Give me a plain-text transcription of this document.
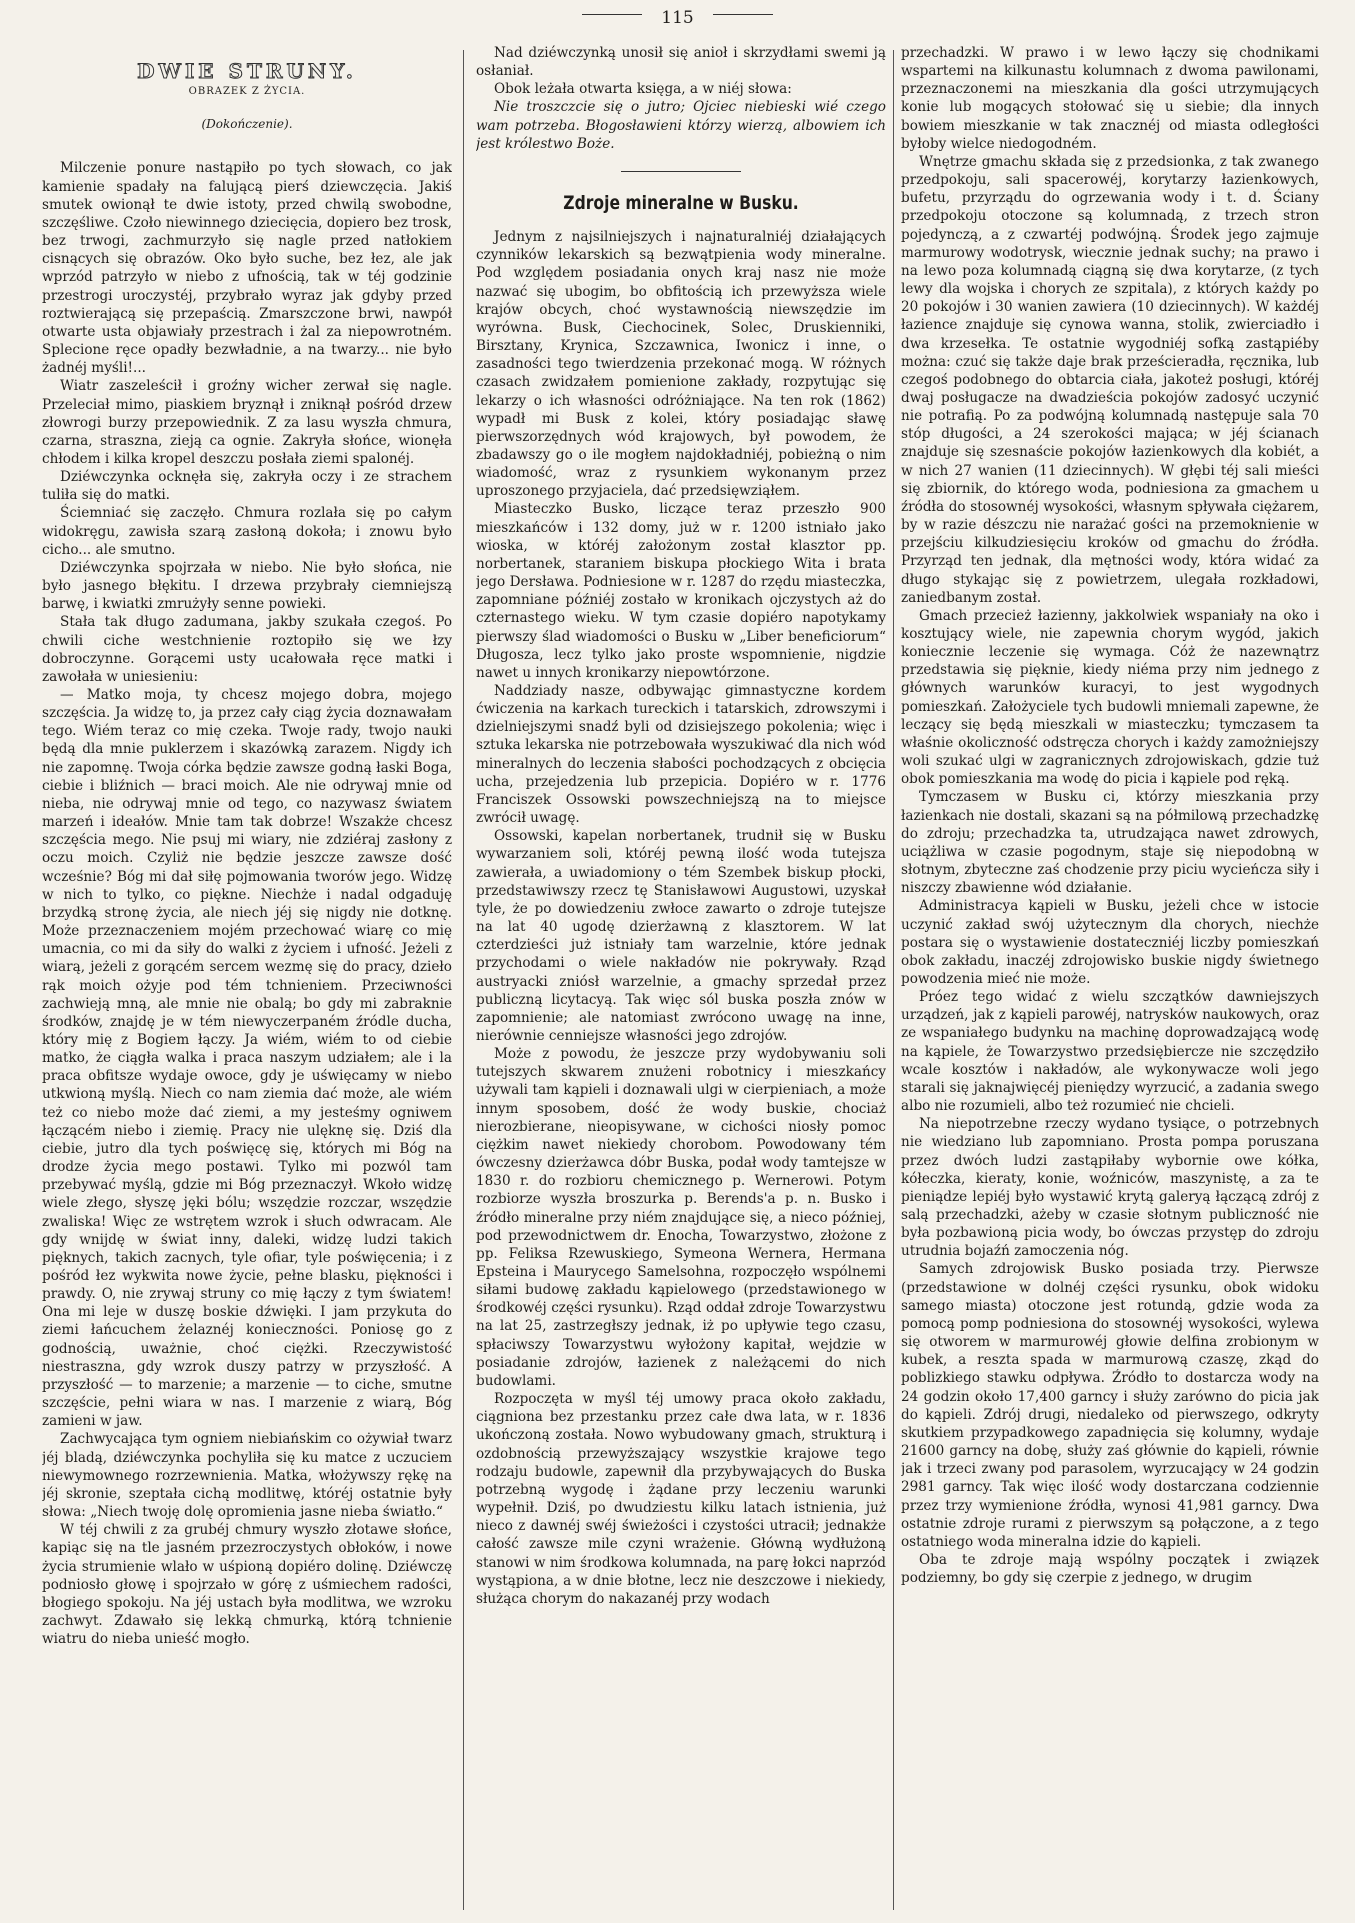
115
DWIE STRUNY.
OBRAZEK Z ŻYCIA.
(Dokończenie).

Milczenie ponure nastąpiło po tych słowach, co jak kamienie spadały na falującą pierś dziewczęcia. Jakiś smutek owionął te dwie istoty, przed chwilą swobodne, szczęśliwe. Czoło niewinnego dziecięcia, dopiero bez trosk, bez trwogi, zachmurzyło się nagle przed natłokiem cisnących się obrazów. Oko było suche, bez łez, ale jak wprzód patrzyło w niebo z ufnością, tak w téj godzinie przestrogi uroczystéj, przybrało wyraz jak gdyby przed roztwierającą się przepaścią. Zmarszczone brwi, nawpół otwarte usta objawiały przestrach i żal za niepowrotném. Splecione ręce opadły bezwładnie, a na twarzy... nie było żadnéj myśli!...

Wiatr zaszeleścił i groźny wicher zerwał się nagle. Przeleciał mimo, piaskiem bryznął i zniknął pośród drzew złowrogi burzy przepowiednik. Z za lasu wyszła chmura, czarna, straszna, zieją ca ognie. Zakryła słońce, wionęła chłodem i kilka kropel deszczu posłała ziemi spalonéj.

Dziéwczynka ocknęła się, zakryła oczy i ze strachem tuliła się do matki.

Ściemniać się zaczęło. Chmura rozlała się po całym widokręgu, zawisła szarą zasłoną dokoła; i znowu było cicho... ale smutno.

Dziéwczynka spojrzała w niebo. Nie było słońca, nie było jasnego błękitu. I drzewa przybrały ciemniejszą barwę, i kwiatki zmrużyły senne powieki.

Stała tak długo zadumana, jakby szukała czegoś. Po chwili ciche westchnienie roztopiło się we łzy dobroczynne. Gorącemi usty ucałowała ręce matki i zawołała w uniesieniu:

— Matko moja, ty chcesz mojego dobra, mojego szczęścia. Ja widzę to, ja przez cały ciąg życia doznawałam tego. Wiém teraz co mię czeka. Twoje rady, twojo nauki będą dla mnie puklerzem i skazówką zarazem. Nigdy ich nie zapomnę. Twoja córka będzie zawsze godną łaski Boga, ciebie i bliźnich — braci moich. Ale nie odrywaj mnie od nieba, nie odrywaj mnie od tego, co nazywasz światem marzeń i ideałów. Mnie tam tak dobrze! Wszakże chcesz szczęścia mego. Nie psuj mi wiary, nie zdziéraj zasłony z oczu moich. Czyliż nie będzie jeszcze zawsze dość wcześnie? Bóg mi dał siłę pojmowania tworów jego. Widzę w nich to tylko, co piękne. Niechże i nadal odgaduję brzydką stronę życia, ale niech jéj się nigdy nie dotknę. Może przeznaczeniem mojém przechować wiarę co mię umacnia, co mi da siły do walki z życiem i ufność. Jeżeli z wiarą, jeżeli z gorącém sercem wezmę się do pracy, dzieło rąk moich ożyje pod tém tchnieniem. Przeciwności zachwieją mną, ale mnie nie obalą; bo gdy mi zabraknie środków, znajdę je w tém niewyczerpaném źródle ducha, który mię z Bogiem łączy. Ja wiém, wiém to od ciebie matko, że ciągła walka i praca naszym udziałem; ale i la praca obfitsze wydaje owoce, gdy je uświęcamy w niebo utkwioną myślą. Niech co nam ziemia dać może, ale wiém też co niebo może dać ziemi, a my jesteśmy ogniwem łączącém niebo i ziemię. Pracy nie ulęknę się. Dziś dla ciebie, jutro dla tych poświęcę się, których mi Bóg na drodze życia mego postawi. Tylko mi pozwól tam przebywać myślą, gdzie mi Bóg przeznaczył. Wkoło widzę wiele złego, słyszę jęki bólu; wszędzie rozczar, wszędzie zwaliska! Więc ze wstrętem wzrok i słuch odwracam. Ale gdy wnijdę w świat inny, daleki, widzę ludzi takich pięknych, takich zacnych, tyle ofiar, tyle poświęcenia; i z pośród łez wykwita nowe życie, pełne blasku, piękności i prawdy. O, nie zrywaj struny co mię łączy z tym światem! Ona mi leje w duszę boskie dźwięki. I jam przykuta do ziemi łańcuchem żelaznéj konieczności. Poniosę go z godnością, uważnie, choć ciężki. Rzeczywistość niestraszna, gdy wzrok duszy patrzy w przyszłość. A przyszłość — to marzenie; a marzenie — to ciche, smutne szczęście, pełni wiara w nas. I marzenie z wiarą, Bóg zamieni w jaw.

Zachwycająca tym ogniem niebiańskim co ożywiał twarz jéj bladą, dziéwczynka pochyliła się ku matce z uczuciem niewymownego rozrzewnienia. Matka, włożywszy rękę na jéj skronie, szeptała cichą modlitwę, któréj ostatnie były słowa: „Niech twoję dolę opromienia jasne nieba światło.“

W téj chwili z za grubéj chmury wyszło złotawe słońce, kapiąc się na tle jasném przezroczystych obłoków, i nowe życia strumienie wlało w uśpioną dopiéro dolinę. Dziéwczę podniosło głowę i spojrzało w górę z uśmiechem radości, błogiego spokoju. Na jéj ustach była modlitwa, we wzroku zachwyt. Zdawało się lekką chmurką, którą tchnienie wiatru do nieba unieść mogło.

Nad dziéwczynką unosił się anioł i skrzydłami swemi ją osłaniał.

Obok leżała otwarta księga, a w niéj słowa:

Nie troszczcie się o jutro; Ojciec niebieski wié czego wam potrzeba. Błogosławieni którzy wierzą, albowiem ich jest królestwo Boże.

Zdroje mineralne w Busku.

Jednym z najsilniejszych i najnaturalniéj działających czynników lekarskich są bezwątpienia wody mineralne. Pod względem posiadania onych kraj nasz nie może nazwać się ubogim, bo obfitością ich przewyższa wiele krajów obcych, choć wystawnością niewszędzie im wyrówna. Busk, Ciechocinek, Solec, Druskienniki, Birsztany, Krynica, Szczawnica, Iwonicz i inne, o zasadności tego twierdzenia przekonać mogą. W różnych czasach zwidzałem pomienione zakłady, rozpytując się lekarzy o ich własności odróżniające. Na ten rok (1862) wypadł mi Busk z kolei, który posiadając sławę pierwszorzędnych wód krajowych, był powodem, że zbadawszy go o ile mogłem najdokładniéj, pobieżną o nim wiadomość, wraz z rysunkiem wykonanym przez uproszonego przyjaciela, dać przedsięwziąłem.

Miasteczko Busko, liczące teraz przeszło 900 mieszkańców i 132 domy, już w r. 1200 istniało jako wioska, w któréj założonym został klasztor pp. norbertanek, staraniem biskupa płockiego Wita i brata jego Dersława. Podniesione w r. 1287 do rzędu miasteczka, zapomniane późniéj zostało w kronikach ojczystych aż do czternastego wieku. W tym czasie dopiéro napotykamy pierwszy ślad wiadomości o Busku w „Liber beneficiorum“ Długosza, lecz tylko jako proste wspomnienie, nigdzie nawet u innych kronikarzy niepowtórzone.

Naddziady nasze, odbywając gimnastyczne kordem ćwiczenia na karkach tureckich i tatarskich, zdrowszymi i dzielniejszymi snadź byli od dzisiejszego pokolenia; więc i sztuka lekarska nie potrzebowała wyszukiwać dla nich wód mineralnych do leczenia słabości pochodzących z obcięcia ucha, przejedzenia lub przepicia. Dopiéro w r. 1776 Franciszek Ossowski powszechniejszą na to miejsce zwrócił uwagę.

Ossowski, kapelan norbertanek, trudnił się w Busku wywarzaniem soli, któréj pewną ilość woda tutejsza zawierała, a uwiadomiony o tém Szembek biskup płocki, przedstawiwszy rzecz tę Stanisławowi Augustowi, uzyskał tyle, że po dowiedzeniu zwłoce zawarto o zdroje tutejsze na lat 40 ugodę dzierżawną z klasztorem. W lat czterdzieści już istniały tam warzelnie, które jednak przychodami o wiele nakładów nie pokrywały. Rząd austryacki zniósł warzelnie, a gmachy sprzedał przez publiczną licytacyą. Tak więc sól buska poszła znów w zapomnienie; ale natomiast zwrócono uwagę na inne, nierównie cenniejsze własności jego zdrojów.

Może z powodu, że jeszcze przy wydobywaniu soli tutejszych skwarem znużeni robotnicy i mieszkańcy używali tam kąpieli i doznawali ulgi w cierpieniach, a może innym sposobem, dość że wody buskie, chociaż nierozbierane, nieopisywane, w cichości niosły pomoc ciężkim nawet niekiedy chorobom. Powodowany tém ówczesny dzierżawca dóbr Buska, podał wody tamtejsze w 1830 r. do rozbioru chemicznego p. Wernerowi. Potym rozbiorze wyszła broszurka p. Berends'a p. n. Busko i źródło mineralne przy niém znajdujące się, a nieco później, pod przewodnictwem dr. Enocha, Towarzystwo, złożone z pp. Feliksa Rzewuskiego, Symeona Wernera, Hermana Epsteina i Maurycego Samelsohna, rozpoczęło wspólnemi siłami budowę zakładu kąpielowego (przedstawionego w środkowéj części rysunku). Rząd oddał zdroje Towarzystwu na lat 25, zastrzegłszy jednak, iż po upływie tego czasu, spłaciwszy Towarzystwu wyłożony kapitał, wejdzie w posiadanie zdrojów, łazienek z należącemi do nich budowlami.

Rozpoczęta w myśl téj umowy praca około zakładu, ciągniona bez przestanku przez całe dwa lata, w r. 1836 ukończoną została. Nowo wybudowany gmach, strukturą i ozdobnością przewyższający wszystkie krajowe tego rodzaju budowle, zapewnił dla przybywających do Buska potrzebną wygodę i żądane przy leczeniu warunki wypełnił. Dziś, po dwudziestu kilku latach istnienia, już nieco z dawnéj swéj świeżości i czystości utracił; jednakże całość zawsze mile czyni wrażenie. Główną wydłużoną stanowi w nim środkowa kolumnada, na parę łokci naprzód wystąpiona, a w dnie błotne, lecz nie deszczowe i niekiedy, służąca chorym do nakazanéj przy wodach

przechadzki. W prawo i w lewo łączy się chodnikami wspartemi na kilkunastu kolumnach z dwoma pawilonami, przeznaczonemi na mieszkania dla gości utrzymujących konie lub mogących stołować się u siebie; dla innych bowiem mieszkanie w tak znacznéj od miasta odległości byłoby wielce niedogodném.

Wnętrze gmachu składa się z przedsionka, z tak zwanego przedpokoju, sali spacerowéj, korytarzy łazienkowych, bufetu, przyrządu do ogrzewania wody i t. d. Ściany przedpokoju otoczone są kolumnadą, z trzech stron pojedynczą, a z czwartéj podwójną. Środek jego zajmuje marmurowy wodotrysk, wiecznie jednak suchy; na prawo i na lewo poza kolumnadą ciągną się dwa korytarze, (z tych lewy dla wojska i chorych ze szpitala), z których każdy po 20 pokojów i 30 wanien zawiera (10 dziecinnych). W każdéj łazience znajduje się cynowa wanna, stolik, zwierciadło i dwa krzesełka. Te ostatnie wygodniéj sofką zastąpiéby można: czuć się także daje brak prześcieradła, ręcznika, lub czegoś podobnego do obtarcia ciała, jakoteż posługi, któréj dwaj posługacze na dwadzieścia pokojów zadosyć uczynić nie potrafią. Po za podwójną kolumnadą następuje sala 70 stóp długości, a 24 szerokości mająca; w jéj ścianach znajduje się szesnaście pokojów łazienkowych dla kobiét, a w nich 27 wanien (11 dziecinnych). W głębi téj sali mieści się zbiornik, do którego woda, podniesiona za gmachem u źródła do stosownéj wysokości, własnym spływała ciężarem, by w razie dészczu nie narażać gości na przemoknienie w przejściu kilkudziesięciu kroków od gmachu do źródła. Przyrząd ten jednak, dla mętności wody, która widać za długo stykając się z powietrzem, ulegała rozkładowi, zaniedbanym został.

Gmach przecież łazienny, jakkolwiek wspaniały na oko i kosztujący wiele, nie zapewnia chorym wygód, jakich koniecznie leczenie się wymaga. Cóż że nazewnątrz przedstawia się pięknie, kiedy niéma przy nim jednego z głównych warunków kuracyi, to jest wygodnych pomieszkań. Założyciele tych budowli mniemali zapewne, że leczący się będą mieszkali w miasteczku; tymczasem ta właśnie okoliczność odstręcza chorych i każdy zamożniejszy woli szukać ulgi w zagranicznych zdrojowiskach, gdzie tuż obok pomieszkania ma wodę do picia i kąpiele pod ręką.

Tymczasem w Busku ci, którzy mieszkania przy łazienkach nie dostali, skazani są na półmilową przechadzkę do zdroju; przechadzka ta, utrudzająca nawet zdrowych, uciążliwa w czasie pogodnym, staje się niepodobną w słotnym, zbyteczne zaś chodzenie przy piciu wycieńcza siły i niszczy zbawienne wód działanie.

Administracya kąpieli w Busku, jeżeli chce w istocie uczynić zakład swój użytecznym dla chorych, niechże postara się o wystawienie dostateczniéj liczby pomieszkań obok zakładu, inaczéj zdrojowisko buskie nigdy świetnego powodzenia mieć nie może.

Próez tego widać z wielu szczątków dawniejszych urządzeń, jak z kąpieli parowéj, natrysków naukowych, oraz ze wspaniałego budynku na machinę doprowadzającą wodę na kąpiele, że Towarzystwo przedsiębiercze nie szczędziło wcale kosztów i nakładów, ale wykonywacze woli jego starali się jaknajwięcéj pieniędzy wyrzucić, a zadania swego albo nie rozumieli, albo też rozumieć nie chcieli.

Na niepotrzebne rzeczy wydano tysiące, o potrzebnych nie wiedziano lub zapomniano. Prosta pompa poruszana przez dwóch ludzi zastąpiłaby wybornie owe kółka, kółeczka, kieraty, konie, woźniców, maszynistę, a za te pieniądze lepiéj było wystawić krytą galeryą łączącą zdrój z salą przechadzki, ażeby w czasie słotnym publiczność nie była pozbawioną picia wody, bo ówczas przystęp do zdroju utrudnia bojaźń zamoczenia nóg.

Samych zdrojowisk Busko posiada trzy. Pierwsze (przedstawione w dolnéj części rysunku, obok widoku samego miasta) otoczone jest rotundą, gdzie woda za pomocą pomp podniesiona do stosownéj wysokości, wylewa się otworem w marmurowéj głowie delfina zrobionym w kubek, a reszta spada w marmurową czaszę, zkąd do poblizkiego stawku odpływa. Źródło to dostarcza wody na 24 godzin około 17,400 garncy i służy zarówno do picia jak do kąpieli. Zdrój drugi, niedaleko od pierwszego, odkryty skutkiem przypadkowego zapadnięcia się kolumny, wydaje 21600 garncy na dobę, służy zaś głównie do kąpieli, równie jak i trzeci zwany pod parasolem, wyrzucający w 24 godzin 2981 garncy. Tak więc ilość wody dostarczana codziennie przez trzy wymienione źródła, wynosi 41,981 garncy. Dwa ostatnie zdroje rurami z pierwszym są połączone, a z tego ostatniego woda mineralna idzie do kąpieli.

Oba te zdroje mają wspólny początek i związek podziemny, bo gdy się czerpie z jednego, w drugim
